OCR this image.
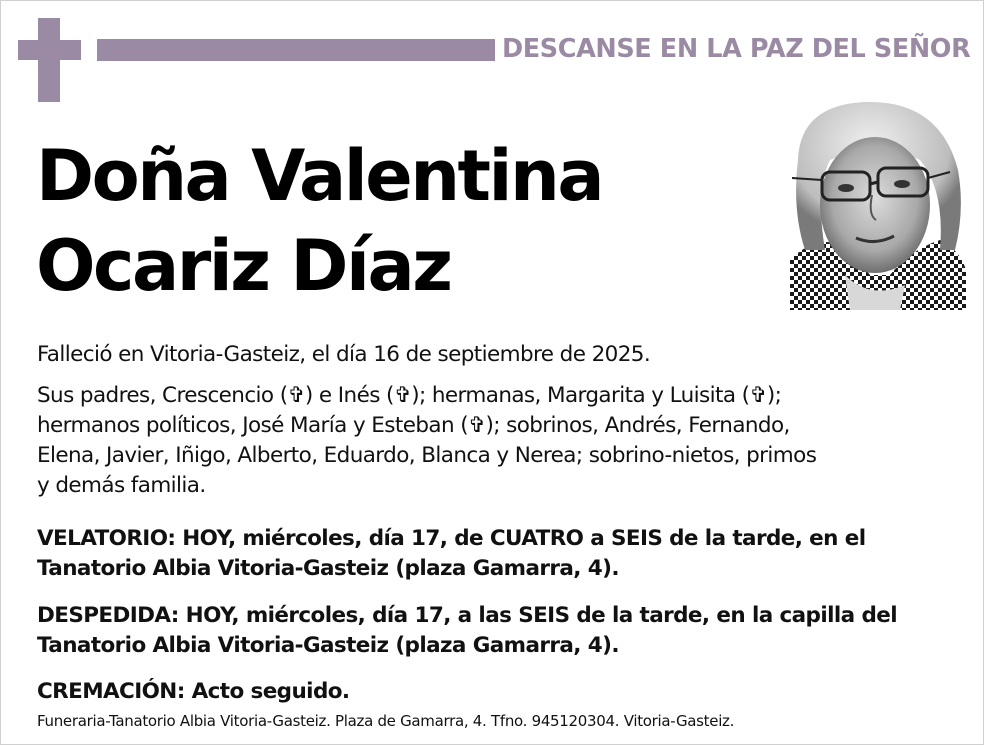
DESCANSE EN LA PAZ DEL SEÑOR
Doña Valentina
Ocariz Díaz
Falleció en Vitoria-Gasteiz, el día 16 de septiembre de 2025.
Sus padres, Crescencio (✞) e Inés (✞); hermanas, Margarita y Luisita (✞);
hermanos políticos, José María y Esteban (✞); sobrinos, Andrés, Fernando,
Elena, Javier, Iñigo, Alberto, Eduardo, Blanca y Nerea; sobrino-nietos, primos
y demás familia.
VELATORIO: HOY, miércoles, día 17, de CUATRO a SEIS de la tarde, en el
Tanatorio Albia Vitoria-Gasteiz (plaza Gamarra, 4).
DESPEDIDA: HOY, miércoles, día 17, a las SEIS de la tarde, en la capilla del
Tanatorio Albia Vitoria-Gasteiz (plaza Gamarra, 4).
CREMACIÓN: Acto seguido.
Funeraria-Tanatorio Albia Vitoria-Gasteiz. Plaza de Gamarra, 4. Tfno. 945120304. Vitoria-Gasteiz.
